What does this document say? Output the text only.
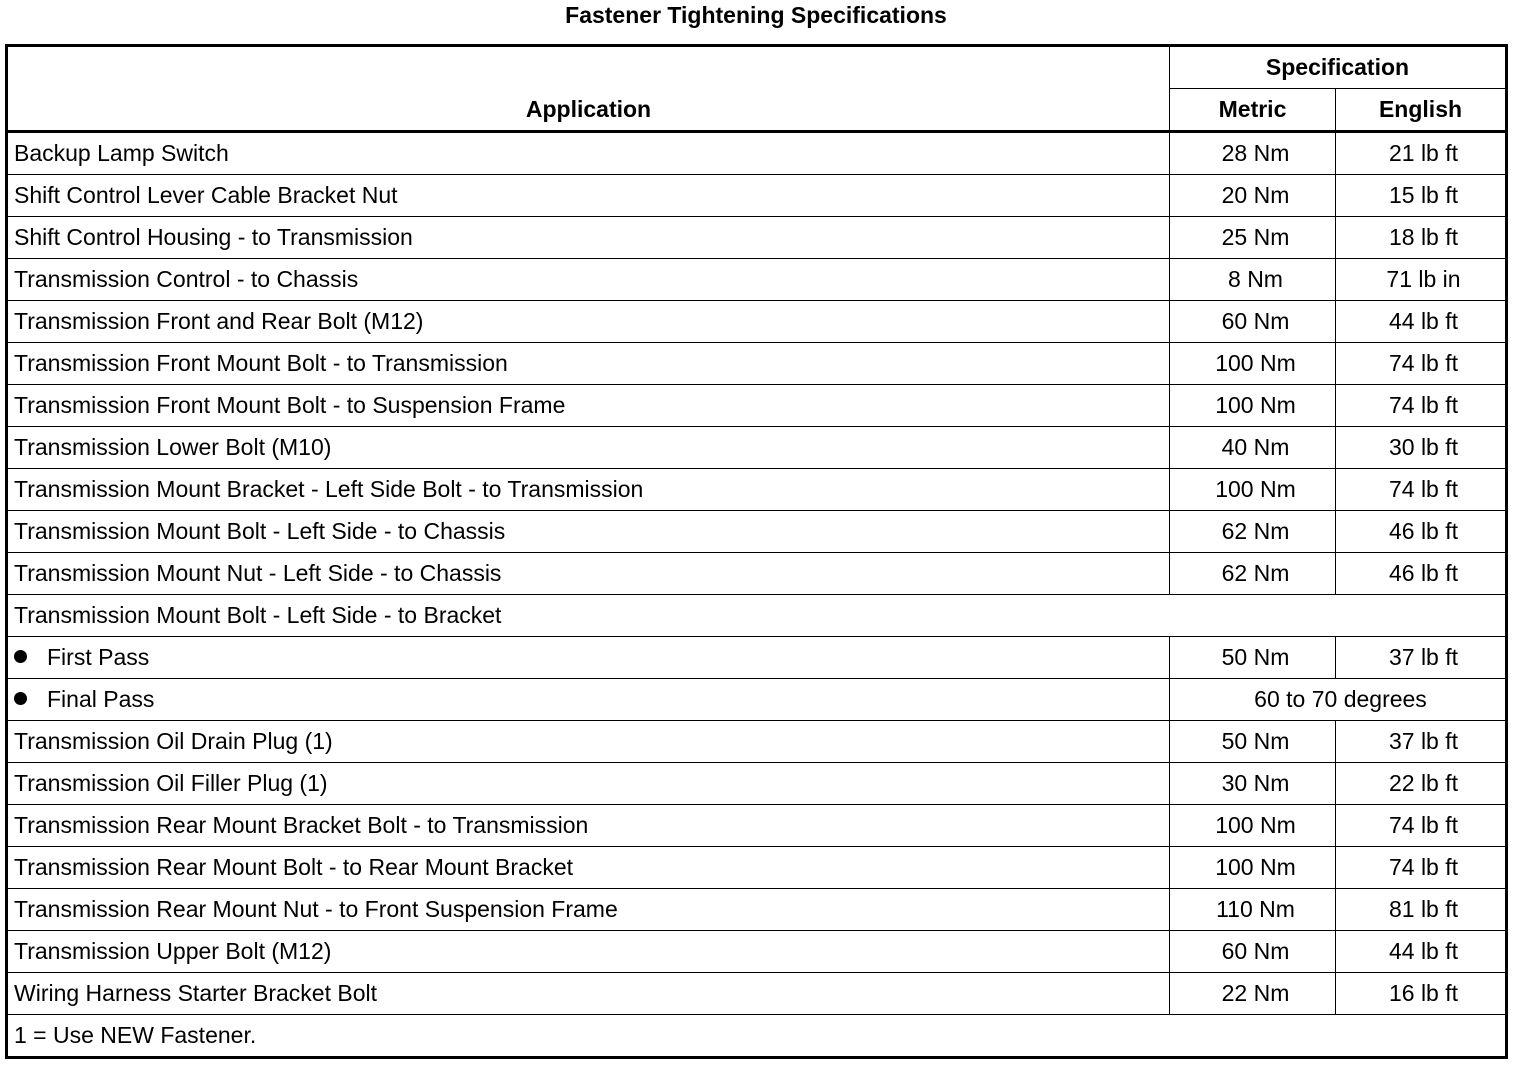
Fastener Tightening Specifications
Application	Specification	
	Metric	English
Backup Lamp Switch	28 Nm	21 lb ft
Shift Control Lever Cable Bracket Nut	20 Nm	15 lb ft
Shift Control Housing - to Transmission	25 Nm	18 lb ft
Transmission Control - to Chassis	8 Nm	71 lb in
Transmission Front and Rear Bolt (M12)	60 Nm	44 lb ft
Transmission Front Mount Bolt - to Transmission	100 Nm	74 lb ft
Transmission Front Mount Bolt - to Suspension Frame	100 Nm	74 lb ft
Transmission Lower Bolt (M10)	40 Nm	30 lb ft
Transmission Mount Bracket - Left Side Bolt - to Transmission	100 Nm	74 lb ft
Transmission Mount Bolt - Left Side - to Chassis	62 Nm	46 lb ft
Transmission Mount Nut - Left Side - to Chassis	62 Nm	46 lb ft
Transmission Mount Bolt - Left Side - to Bracket		
First Pass	50 Nm	37 lb ft
Final Pass	60 to 70 degrees	
Transmission Oil Drain Plug (1)	50 Nm	37 lb ft
Transmission Oil Filler Plug (1)	30 Nm	22 lb ft
Transmission Rear Mount Bracket Bolt - to Transmission	100 Nm	74 lb ft
Transmission Rear Mount Bolt - to Rear Mount Bracket	100 Nm	74 lb ft
Transmission Rear Mount Nut - to Front Suspension Frame	110 Nm	81 lb ft
Transmission Upper Bolt (M12)	60 Nm	44 lb ft
Wiring Harness Starter Bracket Bolt	22 Nm	16 lb ft
1 = Use NEW Fastener.		
